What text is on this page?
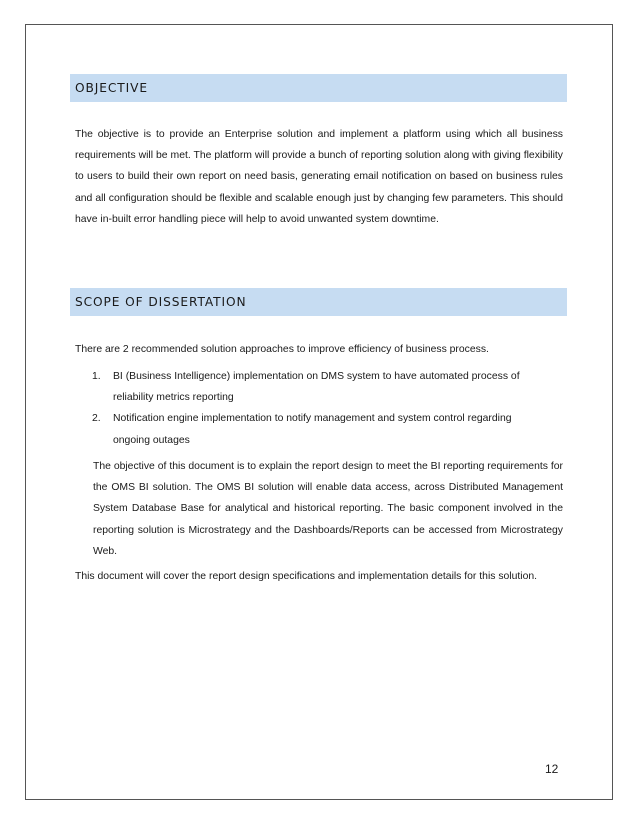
OBJECTIVE

The objective is to provide an Enterprise solution and implement a platform using which all business requirements will be met. The platform will provide a bunch of reporting solution along with giving flexibility to users to build their own report on need basis, generating email notification on based on business rules and all configuration should be flexible and scalable enough just by changing few parameters. This should have in-built error handling piece will help to avoid unwanted system downtime.

SCOPE OF DISSERTATION

There are 2 recommended solution approaches to improve efficiency of business process.

1. BI (Business Intelligence) implementation on DMS system to have automated process of reliability metrics reporting
2. Notification engine implementation to notify management and system control regarding ongoing outages

The objective of this document is to explain the report design to meet the BI reporting requirements for the OMS BI solution. The OMS BI solution will enable data access, across Distributed Management System Database Base for analytical and historical reporting. The basic component involved in the reporting solution is Microstrategy and the Dashboards/Reports can be accessed from Microstrategy Web.

This document will cover the report design specifications and implementation details for this solution.

12
